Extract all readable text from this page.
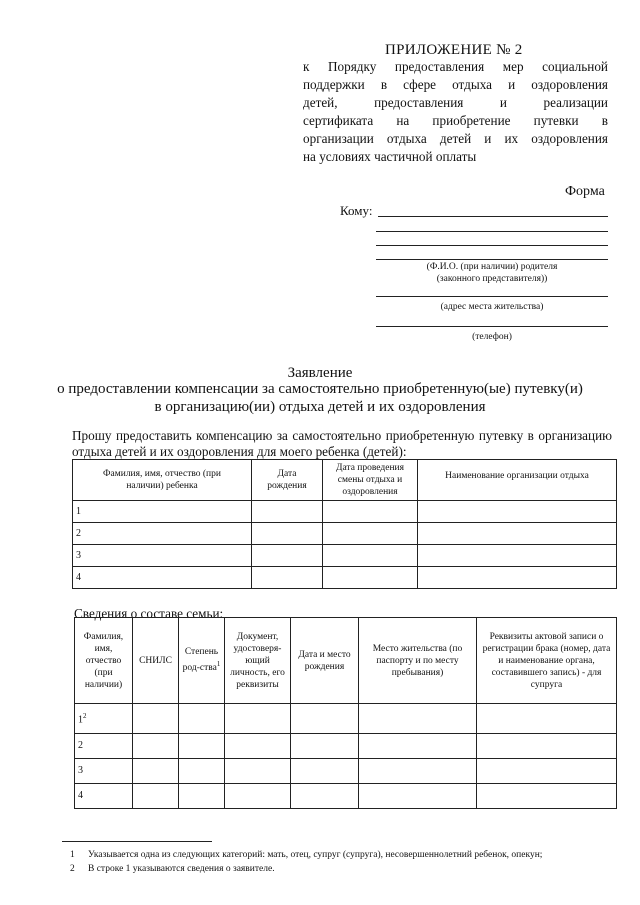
ПРИЛОЖЕНИЕ № 2
к Порядку предоставления мер социальной
поддержки в сфере отдыха и оздоровления
детей, предоставления и реализации
сертификата на приобретение путевки в
организации отдыха детей и их оздоровления
на условиях частичной оплаты
Форма
Кому:
(Ф.И.О. (при наличии) родителя
(законного представителя))
(адрес места жительства)
(телефон)
Заявление
о предоставлении компенсации за самостоятельно приобретенную(ые) путевку(и)
в организацию(ии) отдыха детей и их оздоровления
Прошу предоставить компенсацию за самостоятельно приобретенную путевку в организацию
отдыха детей и их оздоровления для моего ребенка (детей):
Фамилия, имя, отчество (при наличии) ребенка	Дата рождения	Дата проведения смены отдыха и оздоровления	Наименование организации отдыха
1			
2			
3			
4			
Сведения о составе семьи:
Фамилия, имя, отчество (при наличии)	СНИЛС	Степень род-ства$^1$	Документ, удостоверя-ющий личность, его реквизиты	Дата и место рождения	Место жительства (по паспорту и по месту пребывания)	Реквизиты актовой записи о регистрации брака (номер, дата и наименование органа, составившего запись) - для супруга
$1^2$						
2						
3						
4						
1 Указывается одна из следующих категорий: мать, отец, супруг (супруга), несовершеннолетний ребенок, опекун;
2 В строке 1 указываются сведения о заявителе.
